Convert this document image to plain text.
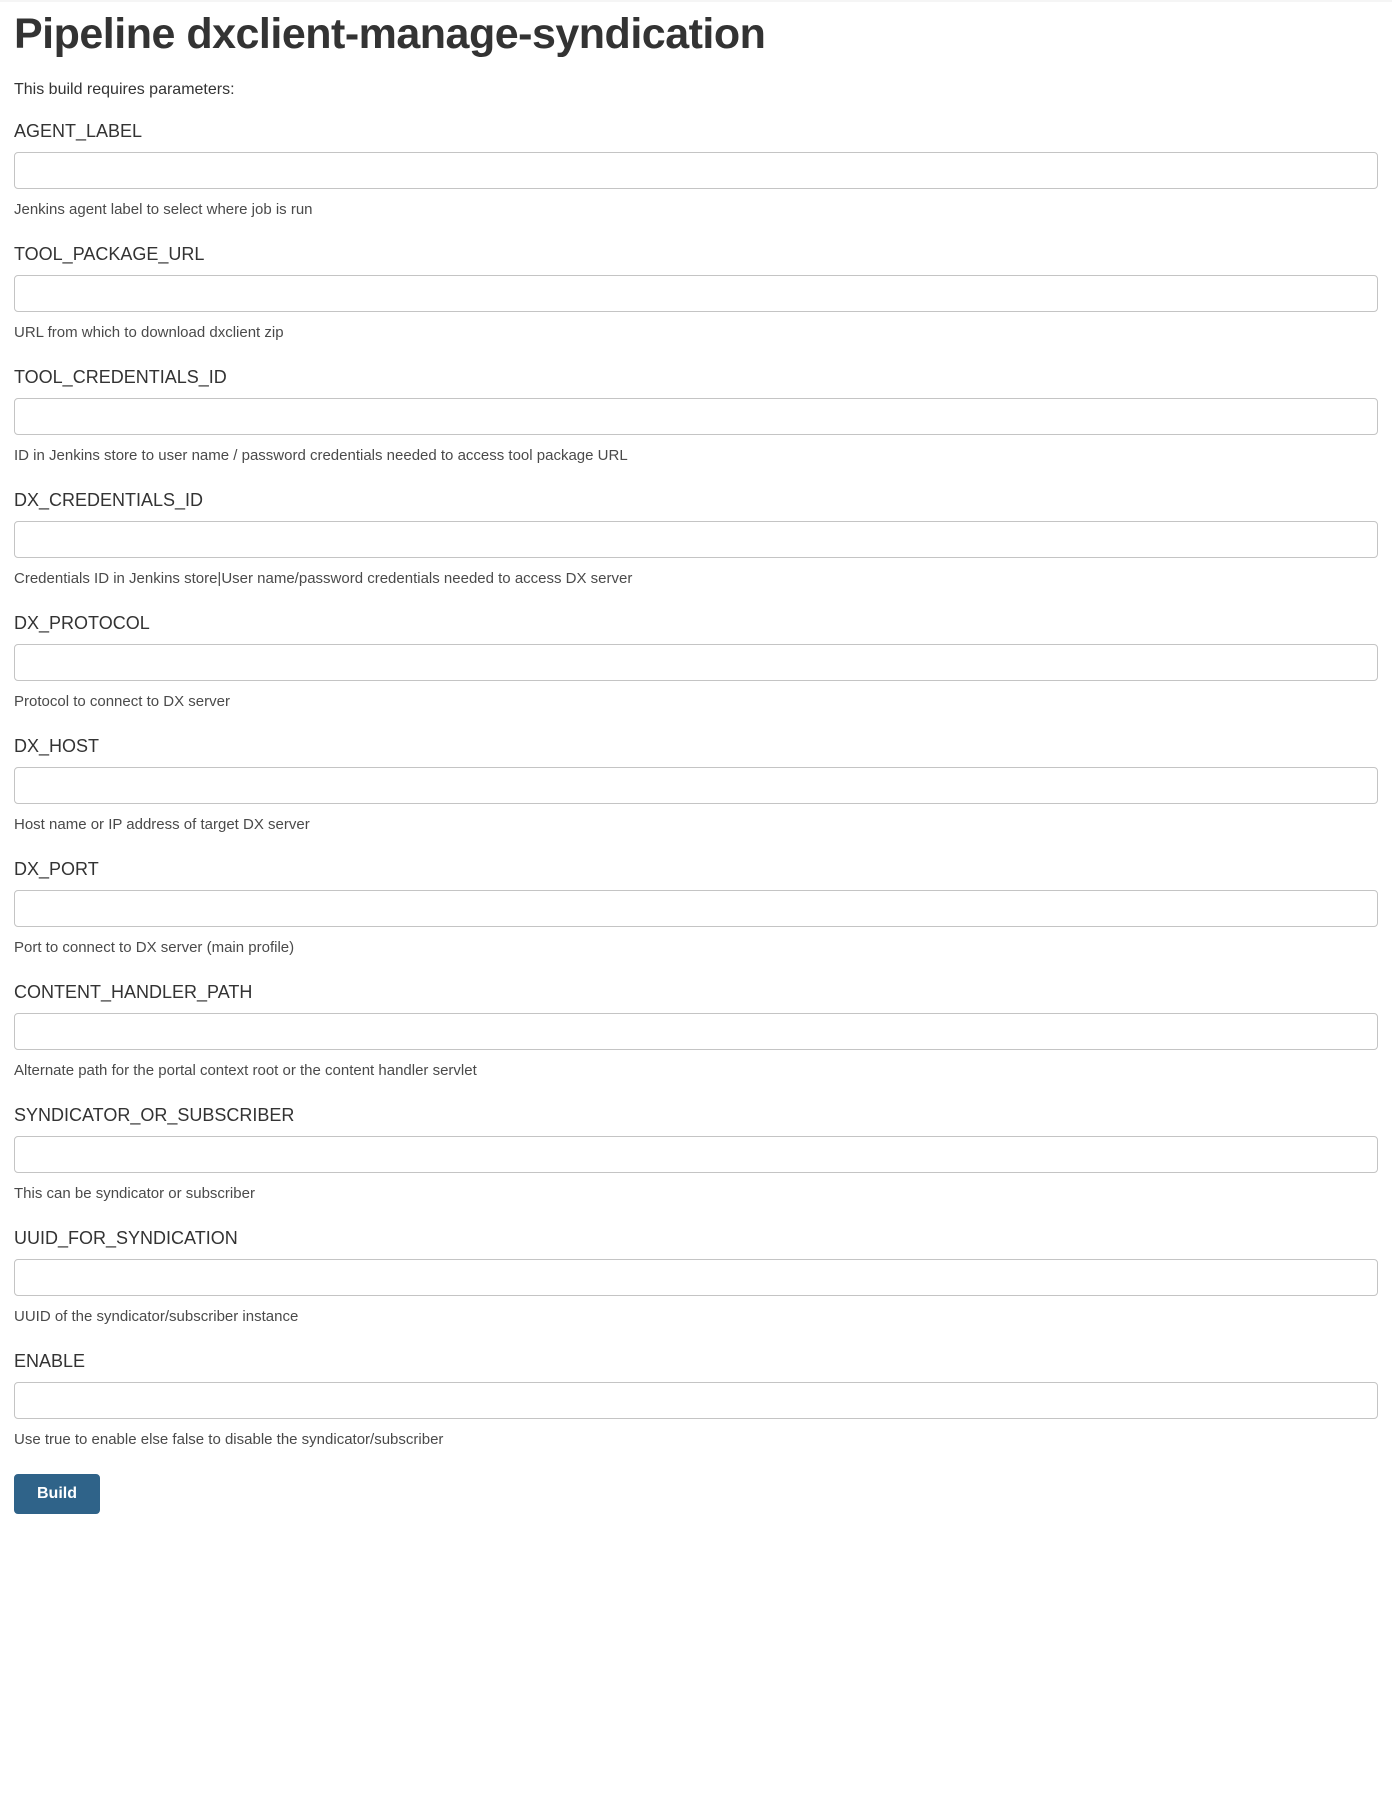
Pipeline dxclient-manage-syndication
This build requires parameters:
AGENT_LABEL
Jenkins agent label to select where job is run
TOOL_PACKAGE_URL
URL from which to download dxclient zip
TOOL_CREDENTIALS_ID
ID in Jenkins store to user name / password credentials needed to access tool package URL
DX_CREDENTIALS_ID
Credentials ID in Jenkins store|User name/password credentials needed to access DX server
DX_PROTOCOL
Protocol to connect to DX server
DX_HOST
Host name or IP address of target DX server
DX_PORT
Port to connect to DX server (main profile)
CONTENT_HANDLER_PATH
Alternate path for the portal context root or the content handler servlet
SYNDICATOR_OR_SUBSCRIBER
This can be syndicator or subscriber
UUID_FOR_SYNDICATION
UUID of the syndicator/subscriber instance
ENABLE
Use true to enable else false to disable the syndicator/subscriber
Build
